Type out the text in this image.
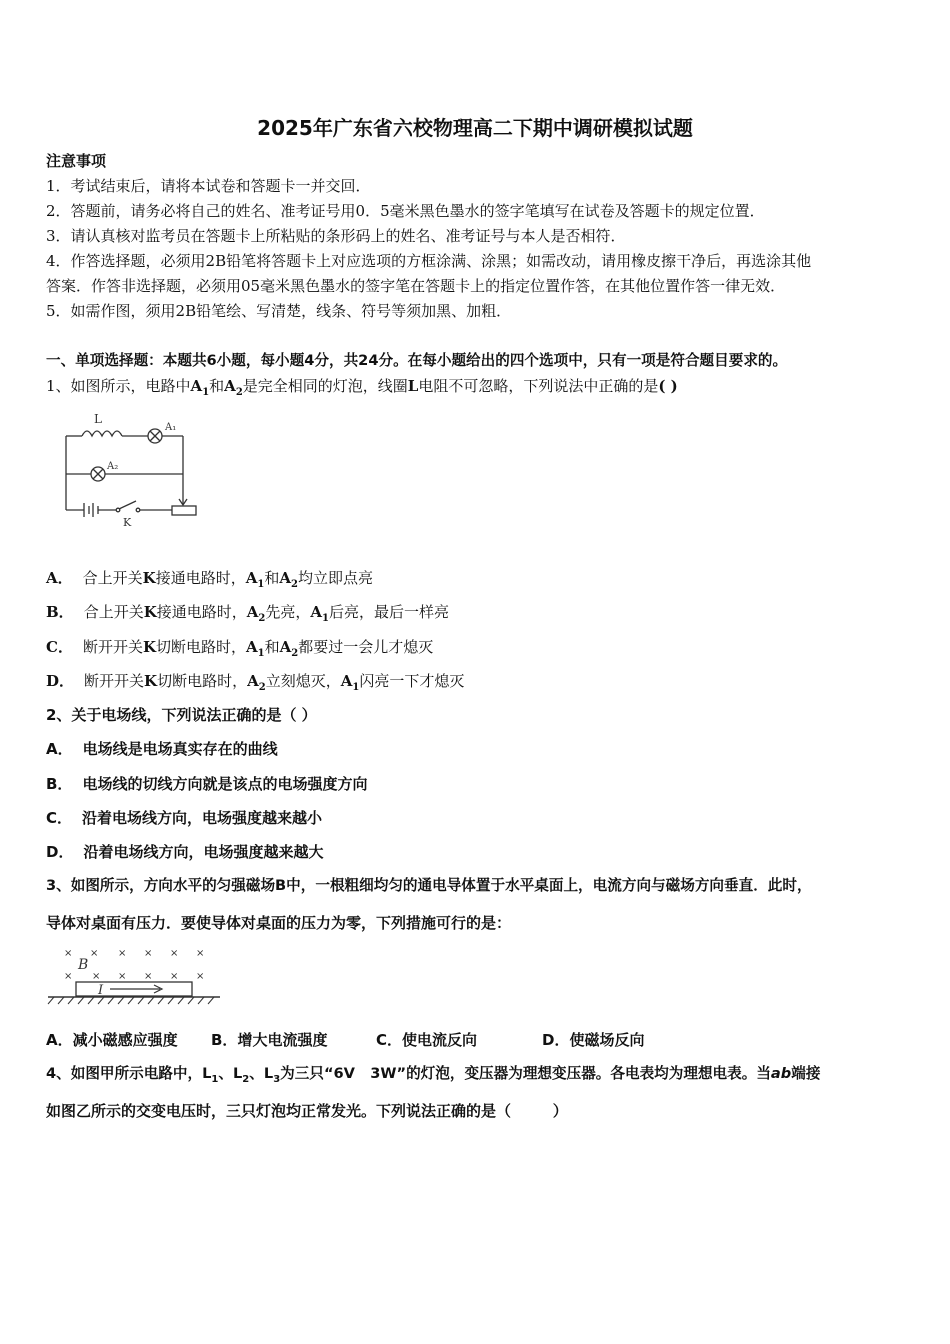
2025年广东省六校物理高二下期中调研模拟试题
注意事项
1．考试结束后，请将本试卷和答题卡一并交回．
2．答题前，请务必将自己的姓名、准考证号用0．5毫米黑色墨水的签字笔填写在试卷及答题卡的规定位置．
3．请认真核对监考员在答题卡上所粘贴的条形码上的姓名、准考证号与本人是否相符．
4．作答选择题，必须用2B铅笔将答题卡上对应选项的方框涂满、涂黑；如需改动，请用橡皮擦干净后，再选涂其他
答案．作答非选择题，必须用05毫米黑色墨水的签字笔在答题卡上的指定位置作答，在其他位置作答一律无效．
5．如需作图，须用2B铅笔绘、写清楚，线条、符号等须加黑、加粗．
一、单项选择题：本题共6小题，每小题4分，共24分。在每小题给出的四个选项中，只有一项是符合题目要求的。
1、如图所示，电路中$A_1$和$A_2$是完全相同的灯泡，线圈L电阻不可忽略，下列说法中正确的是( )
L
A₁
A₂
K
A． 合上开关K接通电路时，$A_1$和$A_2$均立即点亮
B． 合上开关K接通电路时，$A_2$先亮，$A_1$后亮，最后一样亮
C． 断开开关K切断电路时，$A_1$和$A_2$都要过一会儿才熄灭
D． 断开开关K切断电路时，$A_2$立刻熄灭，$A_1$闪亮一下才熄灭
2、关于电场线，下列说法正确的是（ ）
A． 电场线是电场真实存在的曲线
B． 电场线的切线方向就是该点的电场强度方向
C． 沿着电场线方向，电场强度越来越小
D． 沿着电场线方向，电场强度越来越大
3、如图所示，方向水平的匀强磁场B中，一根粗细均匀的通电导体置于水平桌面上，电流方向与磁场方向垂直．此时，
导体对桌面有压力．要使导体对桌面的压力为零，下列措施可行的是：
× × × × × ×
× × × × × ×
B
I
A．减小磁感应强度 B．增大电流强度	C．使电流反向	D．使磁场反向
4、如图甲所示电路中，$L_1$、$L_2$、$L_3$为三只“6V   3W”的灯泡，变压器为理想变压器。各电表均为理想电表。当ab端接
如图乙所示的交变电压时，三只灯泡均正常发光。下列说法正确的是（        ）
